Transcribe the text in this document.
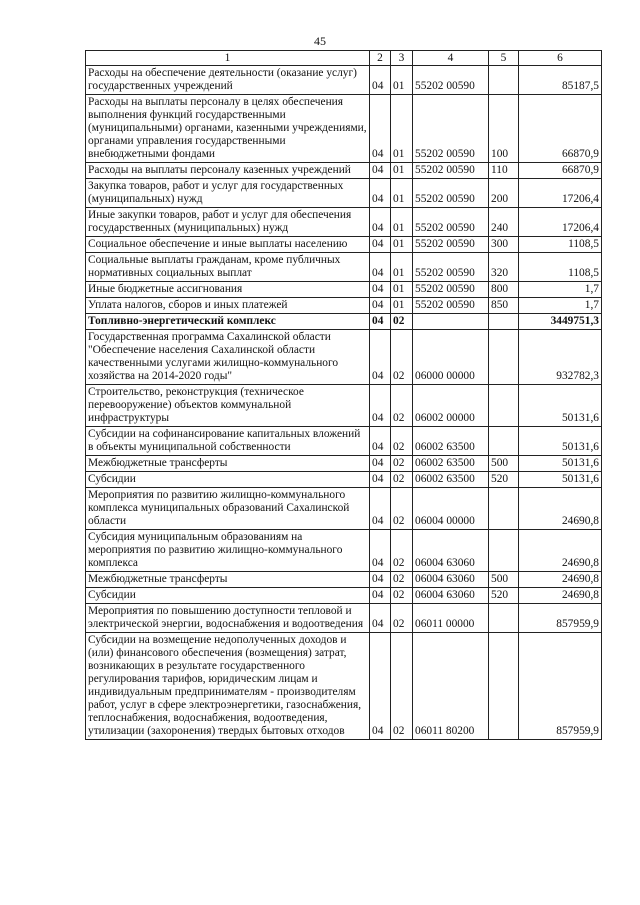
45
1	2	3	4	5	6
Расходы на обеспечение деятельности (оказание услуг) государственных учреждений	04	01	55202 00590		85187,5
Расходы на выплаты персоналу в целях обеспечения выполнения функций государственными (муниципальными) органами, казенными учреждениями, органами управления государственными внебюджетными фондами	04	01	55202 00590	100	66870,9
Расходы на выплаты персоналу казенных учреждений	04	01	55202 00590	110	66870,9
Закупка товаров, работ и услуг для государственных (муниципальных) нужд	04	01	55202 00590	200	17206,4
Иные закупки товаров, работ и услуг для обеспечения государственных (муниципальных) нужд	04	01	55202 00590	240	17206,4
Социальное обеспечение и иные выплаты населению	04	01	55202 00590	300	1108,5
Социальные выплаты гражданам, кроме публичных нормативных социальных выплат	04	01	55202 00590	320	1108,5
Иные бюджетные ассигнования	04	01	55202 00590	800	1,7
Уплата налогов, сборов и иных платежей	04	01	55202 00590	850	1,7
Топливно-энергетический комплекс	04	02			3449751,3
Государственная программа Сахалинской области "Обеспечение населения Сахалинской области качественными услугами жилищно-коммунального хозяйства на 2014-2020 годы"	04	02	06000 00000		932782,3
Строительство, реконструкция (техническое перевооружение) объектов коммунальной инфраструктуры	04	02	06002 00000		50131,6
Субсидии на софинансирование капитальных вложений в объекты муниципальной собственности	04	02	06002 63500		50131,6
Межбюджетные трансферты	04	02	06002 63500	500	50131,6
Субсидии	04	02	06002 63500	520	50131,6
Мероприятия по развитию жилищно-коммунального комплекса муниципальных образований Сахалинской области	04	02	06004 00000		24690,8
Субсидия муниципальным образованиям на мероприятия по развитию жилищно-коммунального комплекса	04	02	06004 63060		24690,8
Межбюджетные трансферты	04	02	06004 63060	500	24690,8
Субсидии	04	02	06004 63060	520	24690,8
Мероприятия по повышению доступности тепловой и электрической энергии, водоснабжения и водоотведения	04	02	06011 00000		857959,9
Субсидии на возмещение недополученных доходов и (или) финансового обеспечения (возмещения) затрат, возникающих в результате государственного регулирования тарифов, юридическим лицам и индивидуальным предпринимателям - производителям работ, услуг в сфере электроэнергетики, газоснабжения, теплоснабжения, водоснабжения, водоотведения, утилизации (захоронения) твердых бытовых отходов	04	02	06011 80200		857959,9
